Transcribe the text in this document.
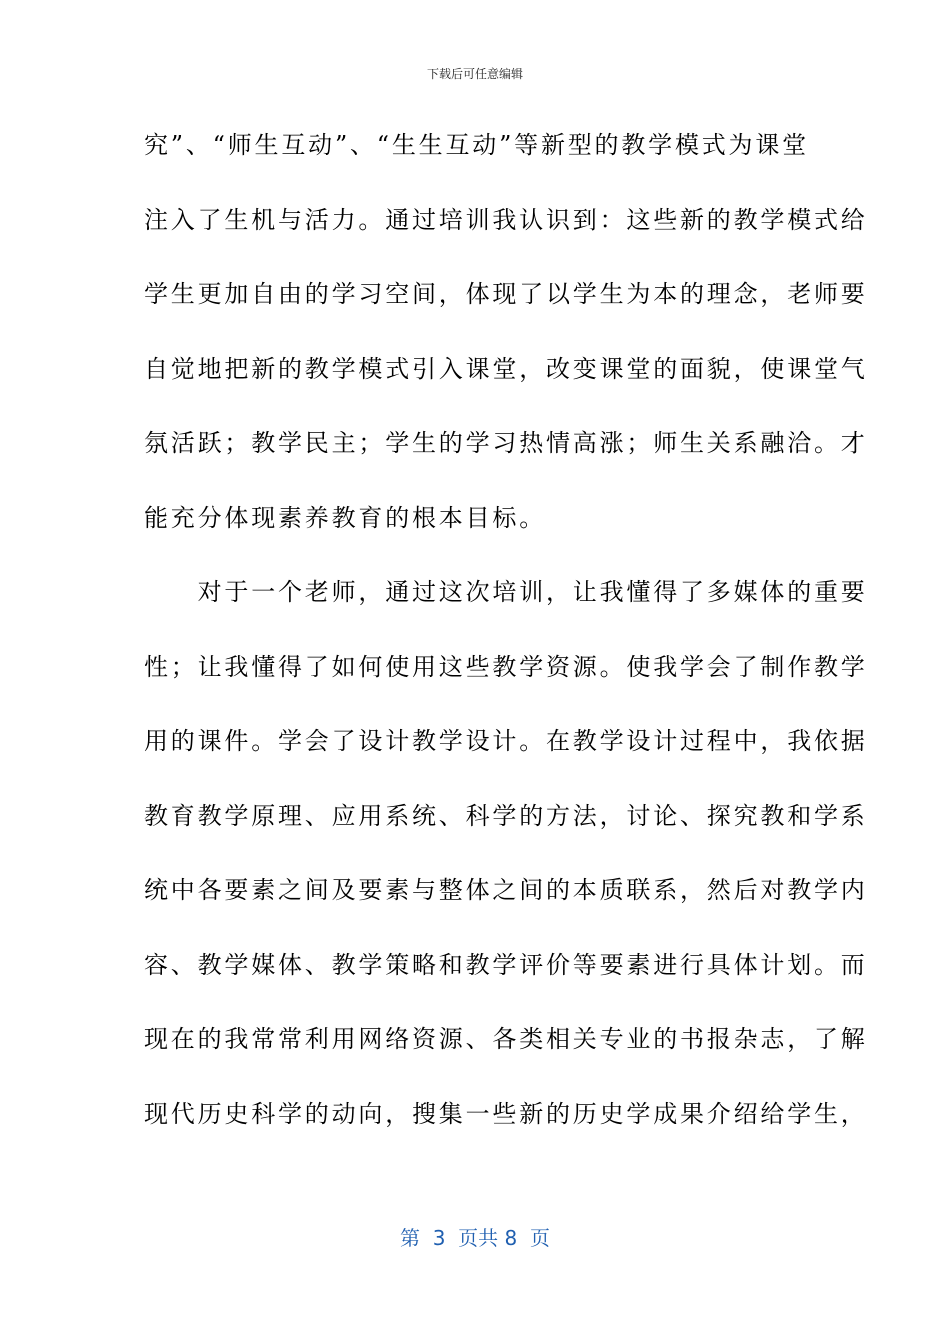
下载后可任意编辑
究”、“师生互动”、“生生互动”等新型的教学模式为课堂
注入了生机与活力。通过培训我认识到：这些新的教学模式给
学生更加自由的学习空间，体现了以学生为本的理念，老师要
自觉地把新的教学模式引入课堂，改变课堂的面貌，使课堂气
氛活跃；教学民主；学生的学习热情高涨；师生关系融洽。才
能充分体现素养教育的根本目标。
　　对于一个老师，通过这次培训，让我懂得了多媒体的重要
性；让我懂得了如何使用这些教学资源。使我学会了制作教学
用的课件。学会了设计教学设计。在教学设计过程中，我依据
教育教学原理、应用系统、科学的方法，讨论、探究教和学系
统中各要素之间及要素与整体之间的本质联系，然后对教学内
容、教学媒体、教学策略和教学评价等要素进行具体计划。而
现在的我常常利用网络资源、各类相关专业的书报杂志，了解
现代历史科学的动向，搜集一些新的历史学成果介绍给学生，
第  3  页共 8  页
